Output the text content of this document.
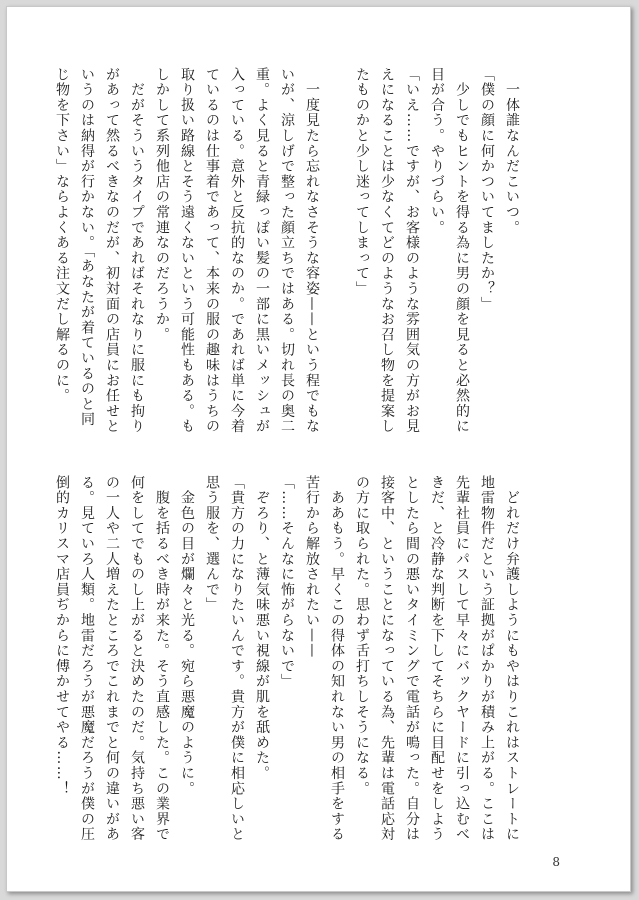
　一体誰なんだこいつ。

「僕の顔に何かついてましたか？」

　少しでもヒントを得る為に男の顔を見ると必然的に

目が合う。やりづらい。

「いえ……ですが、お客様のような雰囲気の方がお見

えになることは少なくてどのようなお召し物を提案し

たものかと少し迷ってしまって」

　一度見たら忘れなさそうな容姿——という程でもな

いが、涼しげで整った顔立ちではある。切れ長の奥二

重。よく見ると青緑っぽい髪の一部に黒いメッシュが

入っている。意外と反抗的なのか。であれば単に今着

ているのは仕事着であって、本来の服の趣味はうちの

取り扱い路線とそう遠くないという可能性もある。も

しかして系列他店の常連なのだろうか。

　だがそういうタイプであればそれなりに服にも拘り

があって然るべきなのだが、初対面の店員にお任せと

いうのは納得が行かない。「あなたが着ているのと同

じ物を下さい」ならよくある注文だし解るのに。

　どれだけ弁護しようにもやはりこれはストレートに

地雷物件だという証拠がぱかりが積み上がる。ここは

先輩社員にパスして早々にバックヤードに引っ込むべ

きだ、と冷静な判断を下してそちらに目配せをしよう

としたら間の悪いタイミングで電話が鳴った。自分は

接客中、ということになっている為、先輩は電話応対

の方に取られた。思わず舌打ちしそうになる。

　ああもう。早くこの得体の知れない男の相手をする

苦行から解放されたい——

「……そんなに怖がらないで」

　ぞろり、と薄気味悪い視線が肌を舐めた。

「貴方の力になりたいんです。貴方が僕に相応しいと

思う服を、選んで」

　金色の目が爛々と光る。宛ら悪魔のように。

　腹を括るべき時が来た。そう直感した。この業界で

何をしてでものし上がると決めたのだ。気持ち悪い客

の一人や二人増えたところでこれまでと何の違いがあ

る。見ていろ人類。地雷だろうが悪魔だろうが僕の圧

倒的カリスマ店員ぢからに傅かせてやる……！

8
